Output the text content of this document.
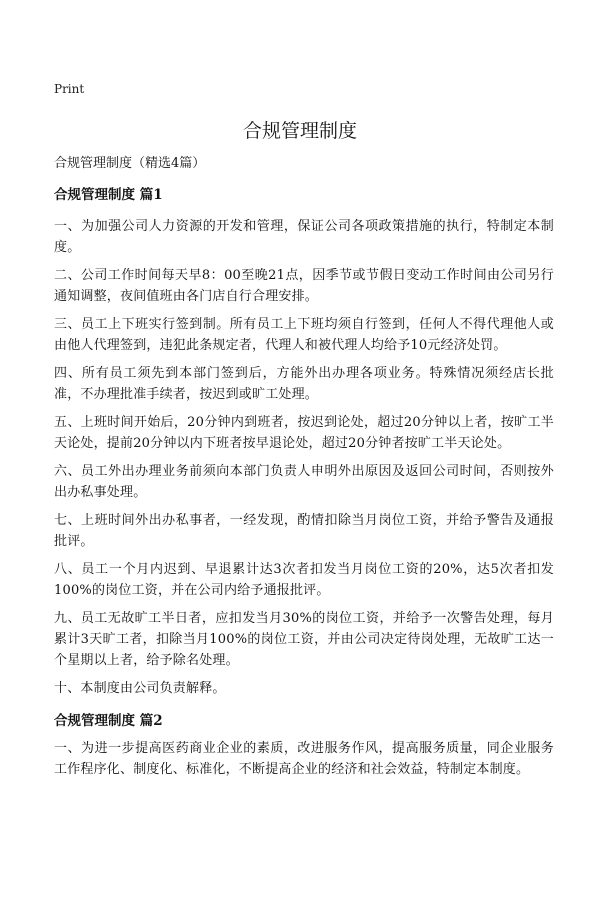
Print
合规管理制度
合规管理制度（精选4篇）
合规管理制度 篇1

一、为加强公司人力资源的开发和管理，保证公司各项政策措施的执行，特制定本制度。

二、公司工作时间每天早8：00至晚21点，因季节或节假日变动工作时间由公司另行通知调整，夜间值班由各门店自行合理安排。

三、员工上下班实行签到制。所有员工上下班均须自行签到，任何人不得代理他人或由他人代理签到，违犯此条规定者，代理人和被代理人均给予10元经济处罚。

四、所有员工须先到本部门签到后，方能外出办理各项业务。特殊情况须经店长批准，不办理批准手续者，按迟到或旷工处理。

五、上班时间开始后，20分钟内到班者，按迟到论处，超过20分钟以上者，按旷工半天论处，提前20分钟以内下班者按早退论处，超过20分钟者按旷工半天论处。

六、员工外出办理业务前须向本部门负责人申明外出原因及返回公司时间，否则按外出办私事处理。

七、上班时间外出办私事者，一经发现，酌情扣除当月岗位工资，并给予警告及通报批评。

八、员工一个月内迟到、早退累计达3次者扣发当月岗位工资的20%，达5次者扣发100%的岗位工资，并在公司内给予通报批评。

九、员工无故旷工半日者，应扣发当月30%的岗位工资，并给予一次警告处理，每月累计3天旷工者，扣除当月100%的岗位工资，并由公司决定待岗处理，无故旷工达一个星期以上者，给予除名处理。

十、本制度由公司负责解释。

合规管理制度 篇2

一、为进一步提高医药商业企业的素质，改进服务作风，提高服务质量，同企业服务工作程序化、制度化、标准化，不断提高企业的经济和社会效益，特制定本制度。
